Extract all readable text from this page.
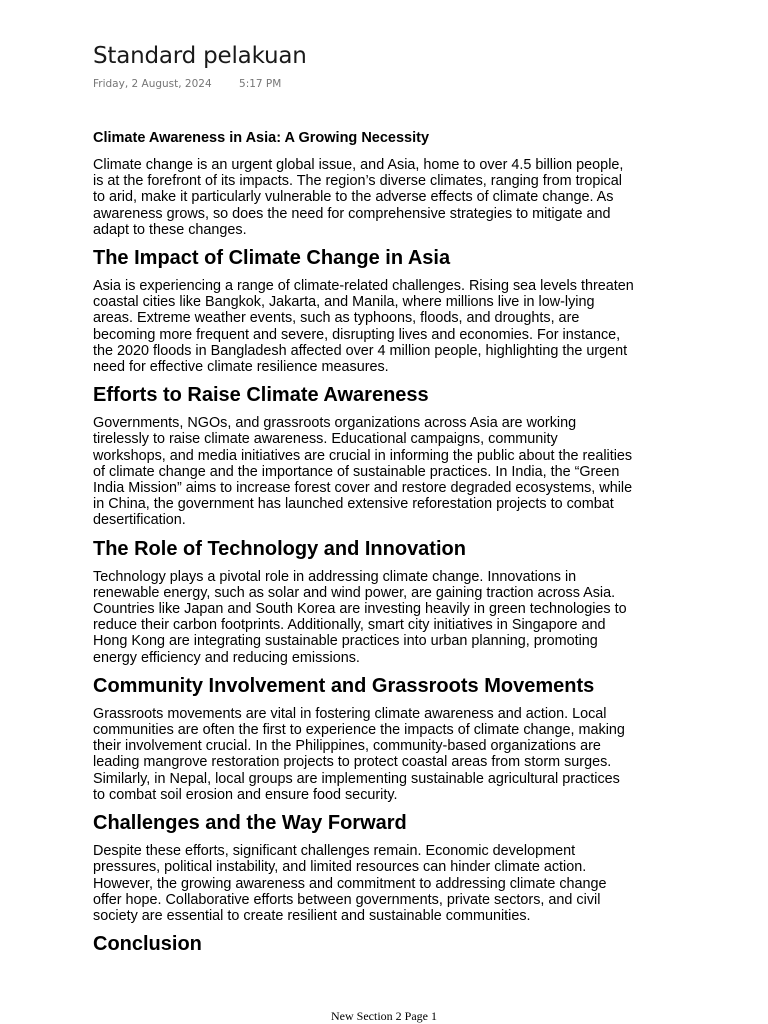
Standard pelakuan
Friday, 2 August, 2024	5:17 PM
Climate Awareness in Asia: A Growing Necessity
Climate change is an urgent global issue, and Asia, home to over 4.5 billion people,
is at the forefront of its impacts. The region’s diverse climates, ranging from tropical
to arid, make it particularly vulnerable to the adverse effects of climate change. As
awareness grows, so does the need for comprehensive strategies to mitigate and
adapt to these changes.
The Impact of Climate Change in Asia
Asia is experiencing a range of climate-related challenges. Rising sea levels threaten
coastal cities like Bangkok, Jakarta, and Manila, where millions live in low-lying
areas. Extreme weather events, such as typhoons, floods, and droughts, are
becoming more frequent and severe, disrupting lives and economies. For instance,
the 2020 floods in Bangladesh affected over 4 million people, highlighting the urgent
need for effective climate resilience measures.
Efforts to Raise Climate Awareness
Governments, NGOs, and grassroots organizations across Asia are working
tirelessly to raise climate awareness. Educational campaigns, community
workshops, and media initiatives are crucial in informing the public about the realities
of climate change and the importance of sustainable practices. In India, the “Green
India Mission” aims to increase forest cover and restore degraded ecosystems, while
in China, the government has launched extensive reforestation projects to combat
desertification.
The Role of Technology and Innovation
Technology plays a pivotal role in addressing climate change. Innovations in
renewable energy, such as solar and wind power, are gaining traction across Asia.
Countries like Japan and South Korea are investing heavily in green technologies to
reduce their carbon footprints. Additionally, smart city initiatives in Singapore and
Hong Kong are integrating sustainable practices into urban planning, promoting
energy efficiency and reducing emissions.
Community Involvement and Grassroots Movements
Grassroots movements are vital in fostering climate awareness and action. Local
communities are often the first to experience the impacts of climate change, making
their involvement crucial. In the Philippines, community-based organizations are
leading mangrove restoration projects to protect coastal areas from storm surges.
Similarly, in Nepal, local groups are implementing sustainable agricultural practices
to combat soil erosion and ensure food security.
Challenges and the Way Forward
Despite these efforts, significant challenges remain. Economic development
pressures, political instability, and limited resources can hinder climate action.
However, the growing awareness and commitment to addressing climate change
offer hope. Collaborative efforts between governments, private sectors, and civil
society are essential to create resilient and sustainable communities.
Conclusion
New Section 2 Page 1
